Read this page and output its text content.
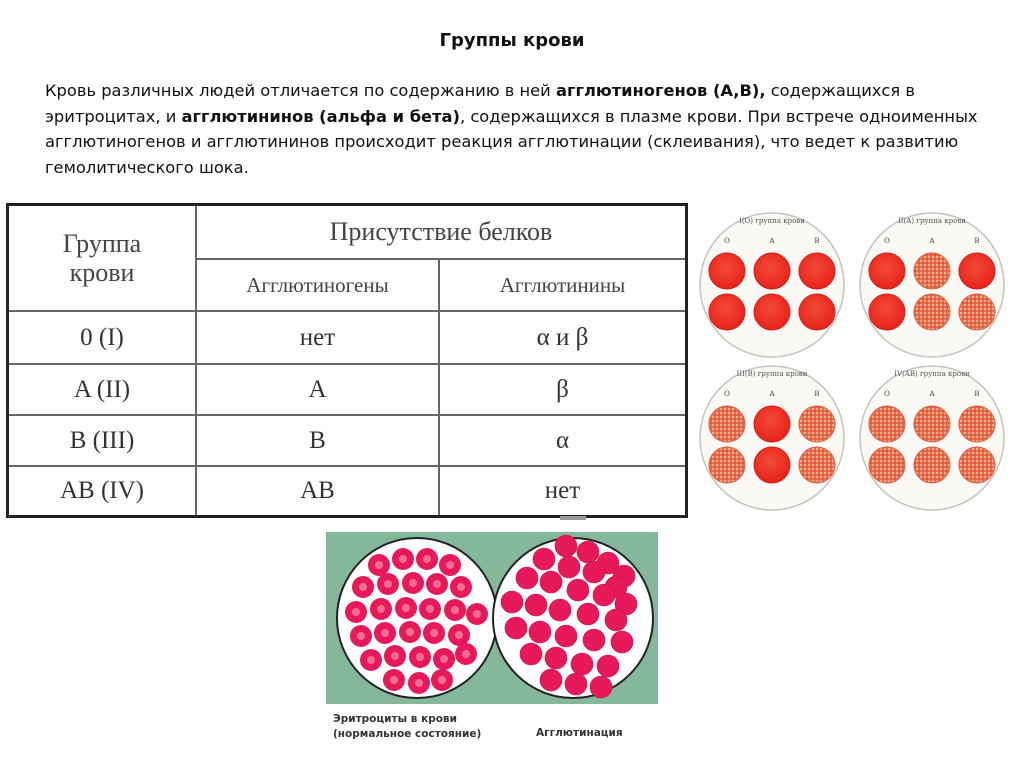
Группы крови
Кровь различных людей отличается по содержанию в ней агглютиногенов (A,B), содержащихся в эритроцитах, и агглютининов (альфа и бета), содержащихся в плазме крови. При встрече одноименных агглютиногенов и агглютининов происходит реакция агглютинации (склеивания), что ведет к развитию гемолитического шока.
Группа
крови
Присутствие белков
Агглютиногены	Агглютинины
0 (I)	нет	α и β
A (II)	A	β
B (III)	B	α
AB (IV)	AB	нет
I(O) группа крови
O	A	B
II(A) группа крови
O	A	B
III(B) группа крови
O	A	B
IV(AB) группа крови
O	A	B
Эритроциты в крови
(нормальное состояние)	Агглютинация
